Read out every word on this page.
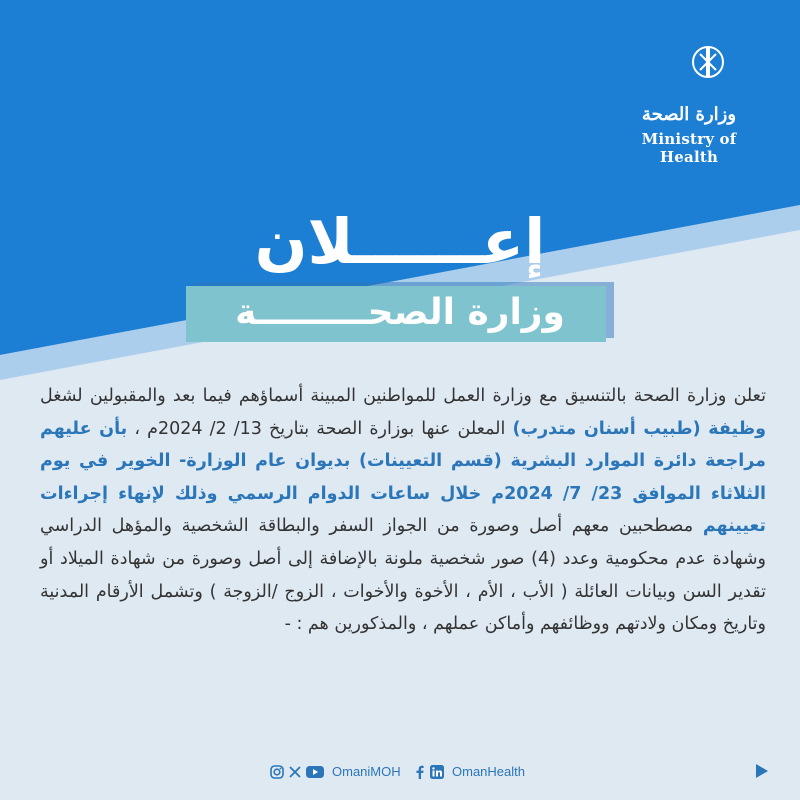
وزارة الصحة
Ministry of Health
إعــــــلان
وزارة الصحـــــــــة
تعلن وزارة الصحة بالتنسيق مع وزارة العمل للمواطنين المبينة أسماؤهم فيما بعد والمقبولين لشغل وظيفة (طبيب أسنان متدرب) المعلن عنها بوزارة الصحة بتاريخ 13/ 2/ 2024م ، بأن عليهم مراجعة دائرة الموارد البشرية (قسم التعيينات) بديوان عام الوزارة- الخوير في يوم الثلاثاء الموافق 23/ 7/ 2024م خلال ساعات الدوام الرسمي وذلك لإنهاء إجراءات تعيينهم مصطحبين معهم أصل وصورة من الجواز السفر والبطاقة الشخصية والمؤهل الدراسي وشهادة عدم محكومية وعدد (4) صور شخصية ملونة بالإضافة إلى أصل وصورة من شهادة الميلاد أو تقدير السن وبيانات العائلة ( الأب ، الأم ، الأخوة والأخوات ، الزوج /الزوجة ) وتشمل الأرقام المدنية وتاريخ ومكان ولادتهم ووظائفهم وأماكن عملهم ، والمذكورين هم : -
OmaniMOH	OmanHealth
